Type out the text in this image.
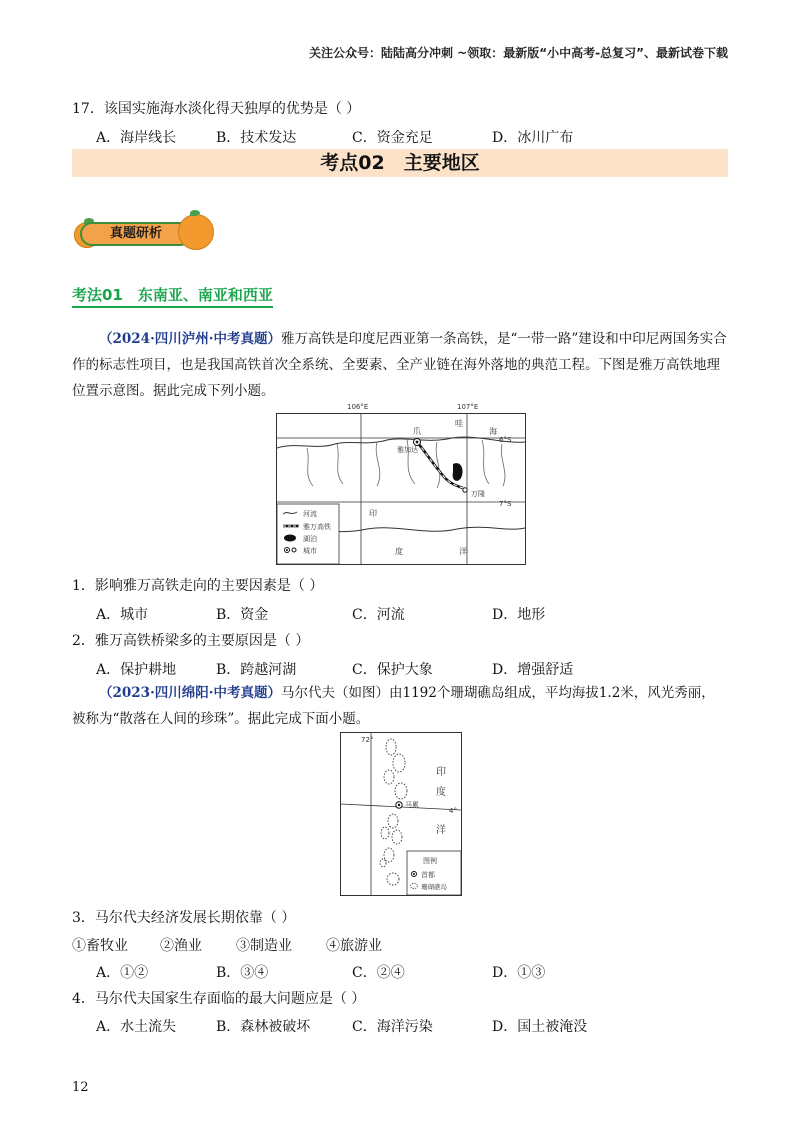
关注公众号：陆陆高分冲刺 ~领取：最新版“小中高考-总复习”、最新试卷下载
17．该国实施海水淡化得天独厚的优势是（ ）
A．海岸线长	B．技术发达	C．资金充足	D．冰川广布
考点02　主要地区
真题研析
考法01　东南亚、南亚和西亚
（2024·四川泸州·中考真题）雅万高铁是印度尼西亚第一条高铁，是“一带一路”建设和中印尼两国务实合作的标志性项目，也是我国高铁首次全系统、全要素、全产业链在海外落地的典范工程。下图是雅万高铁地理位置示意图。据此完成下列小题。
河流
雅万高铁
湖泊
城市
爪
哇
海
雅加达
万隆
印
度	洋
6°S
7°S
106°E	107°E
1．影响雅万高铁走向的主要因素是（ ）
A．城市	B．资金	C．河流	D．地形
2．雅万高铁桥梁多的主要原因是（ ）
A．保护耕地	B．跨越河湖	C．保护大象	D．增强舒适
（2023·四川绵阳·中考真题）马尔代夫（如图）由1192个珊瑚礁岛组成，平均海拔1.2米，风光秀丽，被称为“散落在人间的珍珠”。据此完成下面小题。
马累
印
度
洋
4°
72°
图例
首都
珊瑚礁岛
3．马尔代夫经济发展长期依靠（ ）
①畜牧业 ②渔业 ③制造业 ④旅游业
A．①②	B．③④	C．②④	D．①③
4．马尔代夫国家生存面临的最大问题应是（ ）
A．水土流失	B．森林被破坏	C．海洋污染	D．国土被淹没
12
